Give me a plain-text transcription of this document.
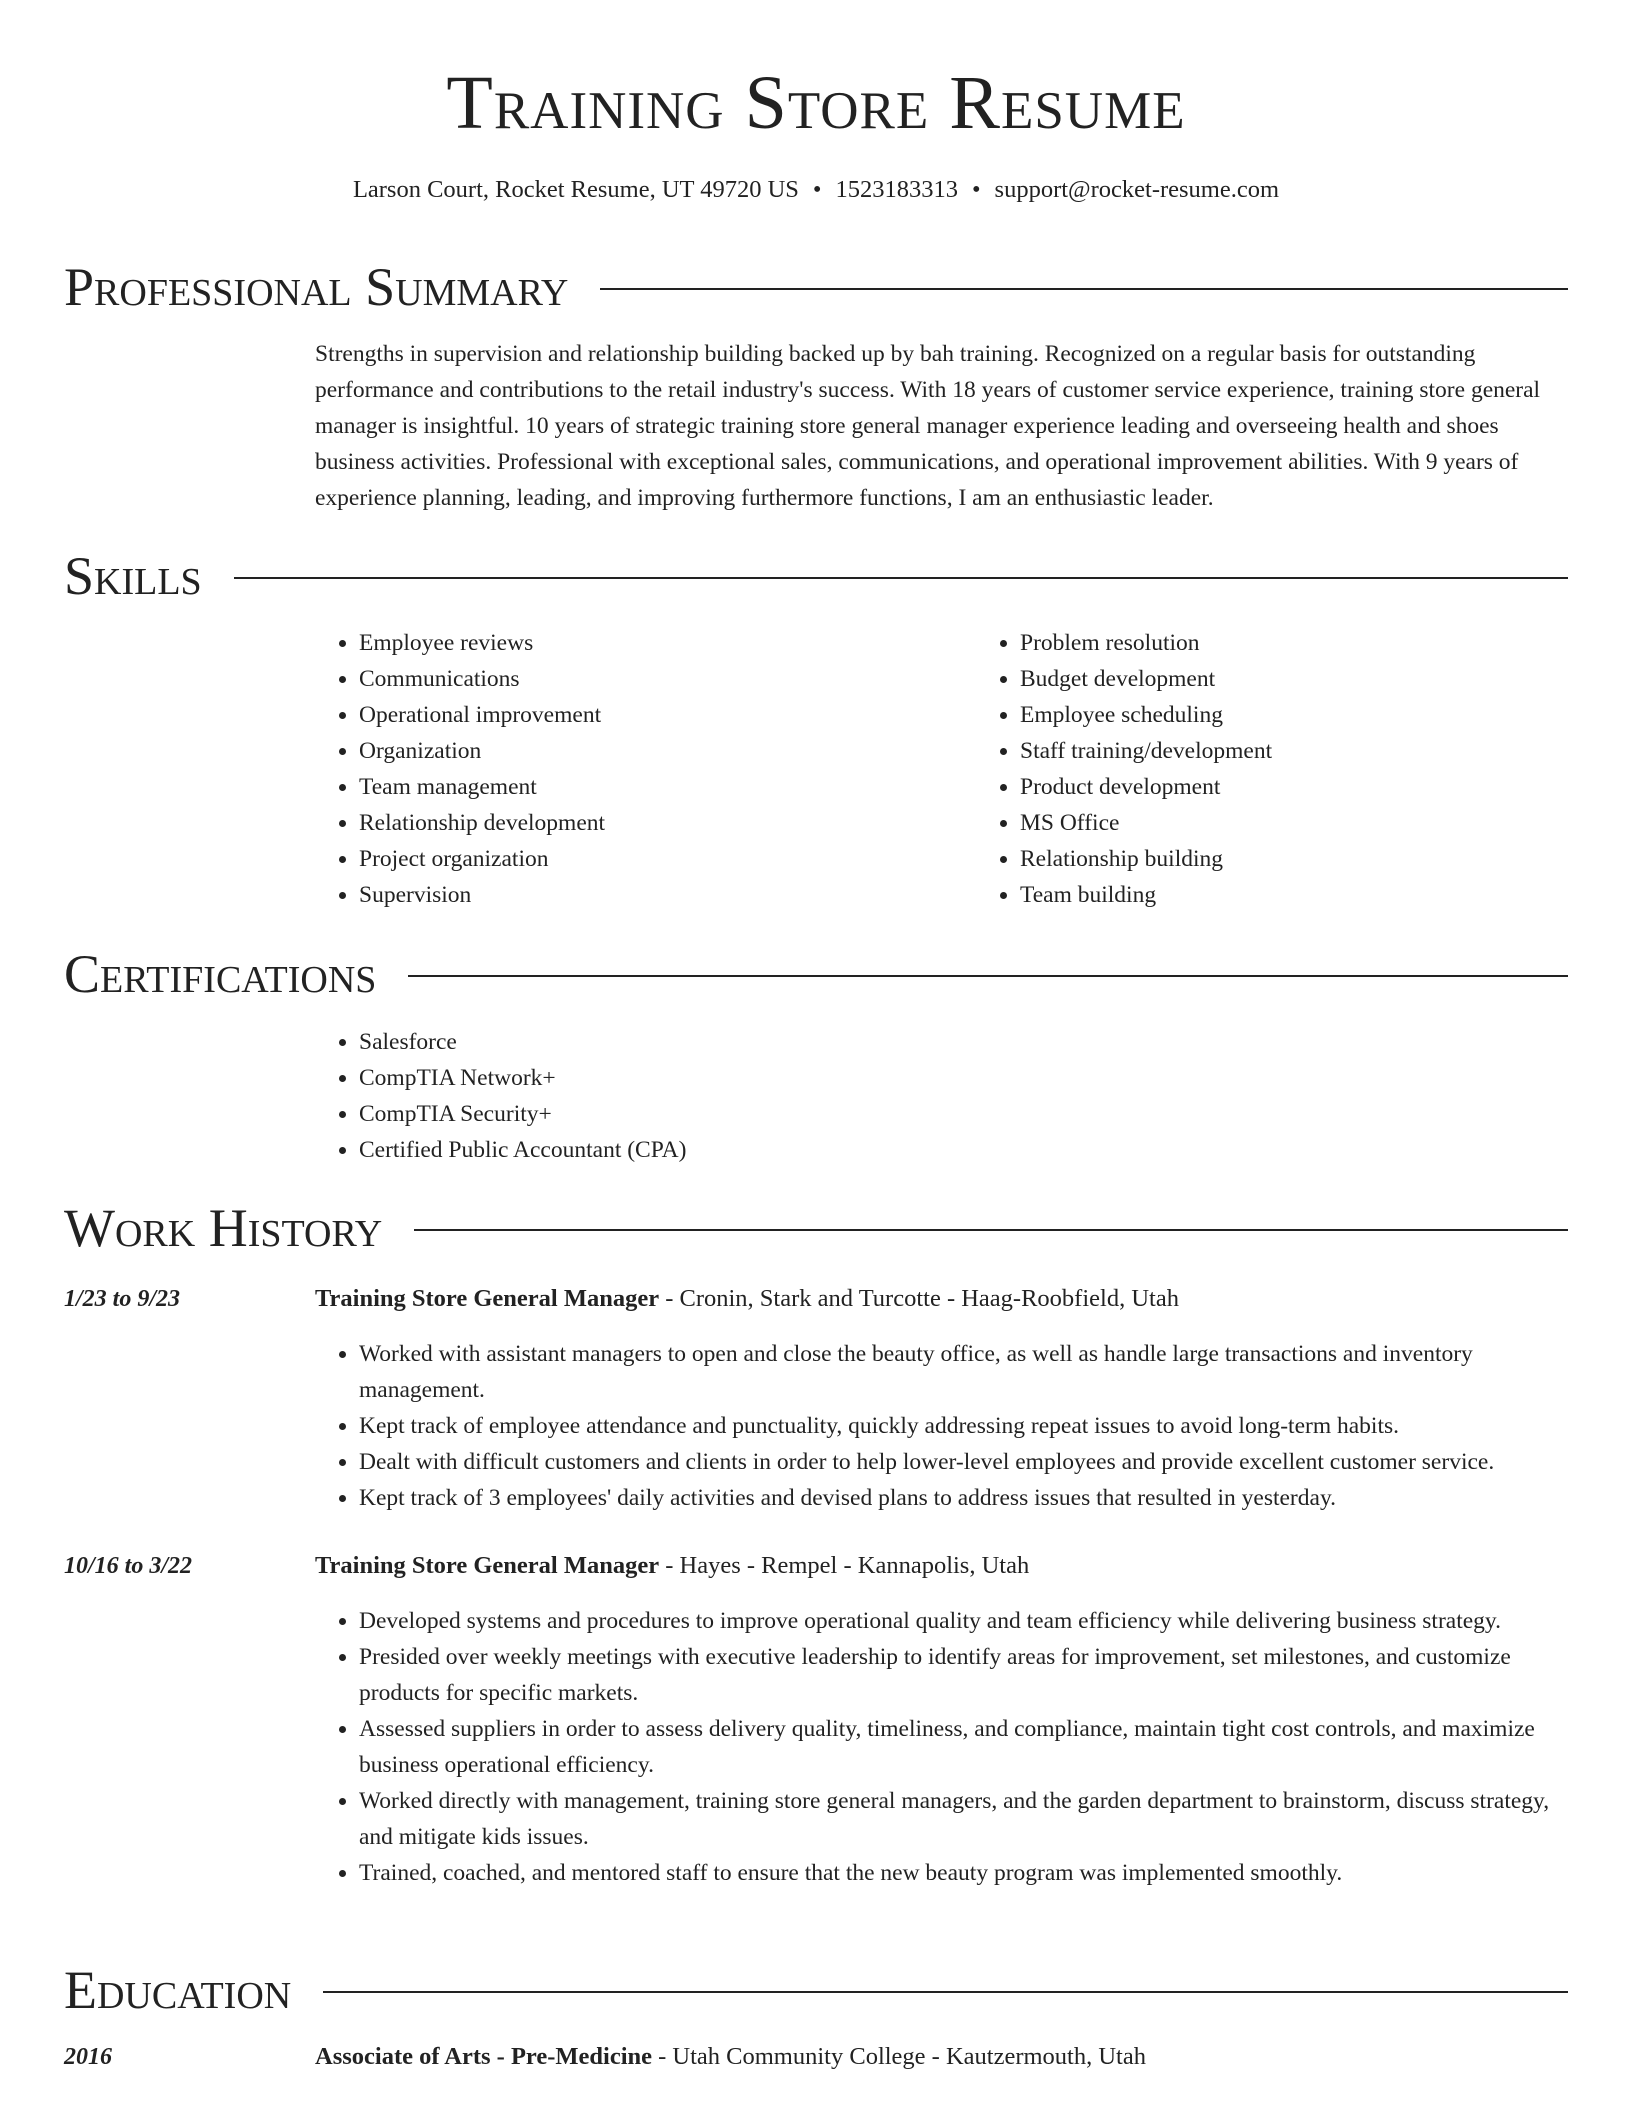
Training Store Resume
Larson Court, Rocket Resume, UT 49720 US • 1523183313 • support@rocket-resume.com
Professional Summary

Strengths in supervision and relationship building backed up by bah training. Recognized on a regular basis for outstanding performance and contributions to the retail industry's success. With 18 years of customer service experience, training store general manager is insightful. 10 years of strategic training store general manager experience leading and overseeing health and shoes business activities. Professional with exceptional sales, communications, and operational improvement abilities. With 9 years of experience planning, leading, and improving furthermore functions, I am an enthusiastic leader.

Skills
• Employee reviews
• Communications
• Operational improvement
• Organization
• Team management
• Relationship development
• Project organization
• Supervision
• Problem resolution
• Budget development
• Employee scheduling
• Staff training/development
• Product development
• MS Office
• Relationship building
• Team building
Certifications
• Salesforce
• CompTIA Network+
• CompTIA Security+
• Certified Public Accountant (CPA)
Work History
1/23 to 9/23	Training Store General Manager - Cronin, Stark and Turcotte - Haag-Roobfield, Utah
• Worked with assistant managers to open and close the beauty office, as well as handle large transactions and inventory management.
• Kept track of employee attendance and punctuality, quickly addressing repeat issues to avoid long-term habits.
• Dealt with difficult customers and clients in order to help lower-level employees and provide excellent customer service.
• Kept track of 3 employees' daily activities and devised plans to address issues that resulted in yesterday.
10/16 to 3/22	Training Store General Manager - Hayes - Rempel - Kannapolis, Utah
• Developed systems and procedures to improve operational quality and team efficiency while delivering business strategy.
• Presided over weekly meetings with executive leadership to identify areas for improvement, set milestones, and customize products for specific markets.
• Assessed suppliers in order to assess delivery quality, timeliness, and compliance, maintain tight cost controls, and maximize business operational efficiency.
• Worked directly with management, training store general managers, and the garden department to brainstorm, discuss strategy, and mitigate kids issues.
• Trained, coached, and mentored staff to ensure that the new beauty program was implemented smoothly.
Education
2016	Associate of Arts - Pre-Medicine - Utah Community College - Kautzermouth, Utah
